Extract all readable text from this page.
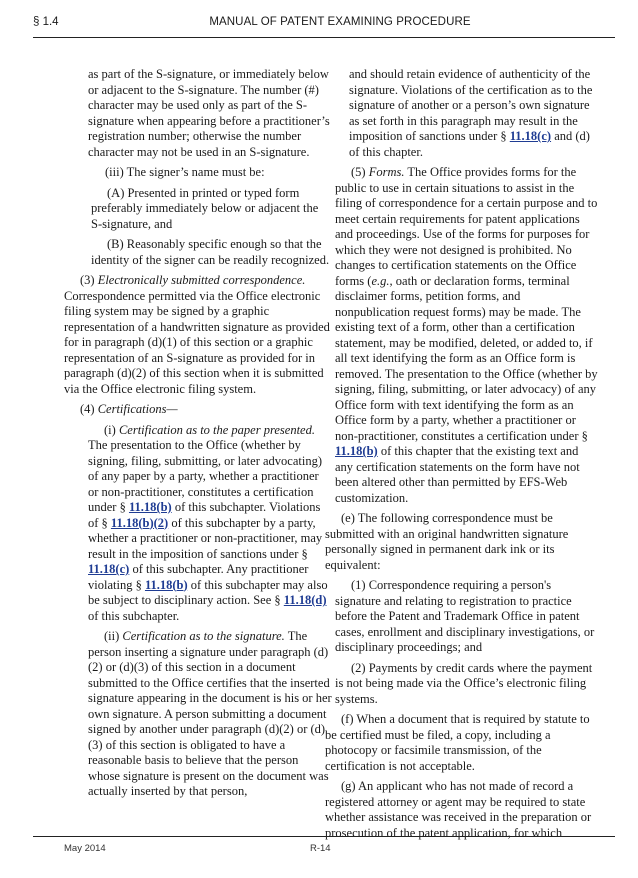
§ 1.4	MANUAL OF PATENT EXAMINING PROCEDURE

as part of the S-signature, or immediately below or adjacent to the S-signature. The number (#) character may be used only as part of the S-signature when appearing before a practitioner’s registration number; otherwise the number character may not be used in an S-signature.

(iii) The signer’s name must be:

(A) Presented in printed or typed form preferably immediately below or adjacent the S-signature, and

(B) Reasonably specific enough so that the identity of the signer can be readily recognized.

(3) Electronically submitted correspondence. Correspondence permitted via the Office electronic filing system may be signed by a graphic representation of a handwritten signature as provided for in paragraph (d)(1) of this section or a graphic representation of an S-signature as provided for in paragraph (d)(2) of this section when it is submitted via the Office electronic filing system.

(4) Certifications—

(i) Certification as to the paper presented. The presentation to the Office (whether by signing, filing, submitting, or later advocating) of any paper by a party, whether a practitioner or non-practitioner, constitutes a certification under § 11.18(b) of this subchapter. Violations of § 11.18(b)(2) of this subchapter by a party, whether a practitioner or non-practitioner, may result in the imposition of sanctions under § 11.18(c) of this subchapter. Any practitioner violating § 11.18(b) of this subchapter may also be subject to disciplinary action. See § 11.18(d) of this subchapter.

(ii) Certification as to the signature. The person inserting a signature under paragraph (d)(2) or (d)(3) of this section in a document submitted to the Office certifies that the inserted signature appearing in the document is his or her own signature. A person submitting a document signed by another under paragraph (d)(2) or (d)(3) of this section is obligated to have a reasonable basis to believe that the person whose signature is present on the document was actually inserted by that person,

and should retain evidence of authenticity of the signature. Violations of the certification as to the signature of another or a person’s own signature as set forth in this paragraph may result in the imposition of sanctions under § 11.18(c) and (d) of this chapter.

(5) Forms. The Office provides forms for the public to use in certain situations to assist in the filing of correspondence for a certain purpose and to meet certain requirements for patent applications and proceedings. Use of the forms for purposes for which they were not designed is prohibited. No changes to certification statements on the Office forms (e.g., oath or declaration forms, terminal disclaimer forms, petition forms, and nonpublication request forms) may be made. The existing text of a form, other than a certification statement, may be modified, deleted, or added to, if all text identifying the form as an Office form is removed. The presentation to the Office (whether by signing, filing, submitting, or later advocacy) of any Office form with text identifying the form as an Office form by a party, whether a practitioner or non-practitioner, constitutes a certification under § 11.18(b) of this chapter that the existing text and any certification statements on the form have not been altered other than permitted by EFS-Web customization.

(e) The following correspondence must be submitted with an original handwritten signature personally signed in permanent dark ink or its equivalent:

(1) Correspondence requiring a person's signature and relating to registration to practice before the Patent and Trademark Office in patent cases, enrollment and disciplinary investigations, or disciplinary proceedings; and

(2) Payments by credit cards where the payment is not being made via the Office’s electronic filing systems.

(f) When a document that is required by statute to be certified must be filed, a copy, including a photocopy or facsimile transmission, of the certification is not acceptable.

(g) An applicant who has not made of record a registered attorney or agent may be required to state whether assistance was received in the preparation or prosecution of the patent application, for which

May 2014	R-14
